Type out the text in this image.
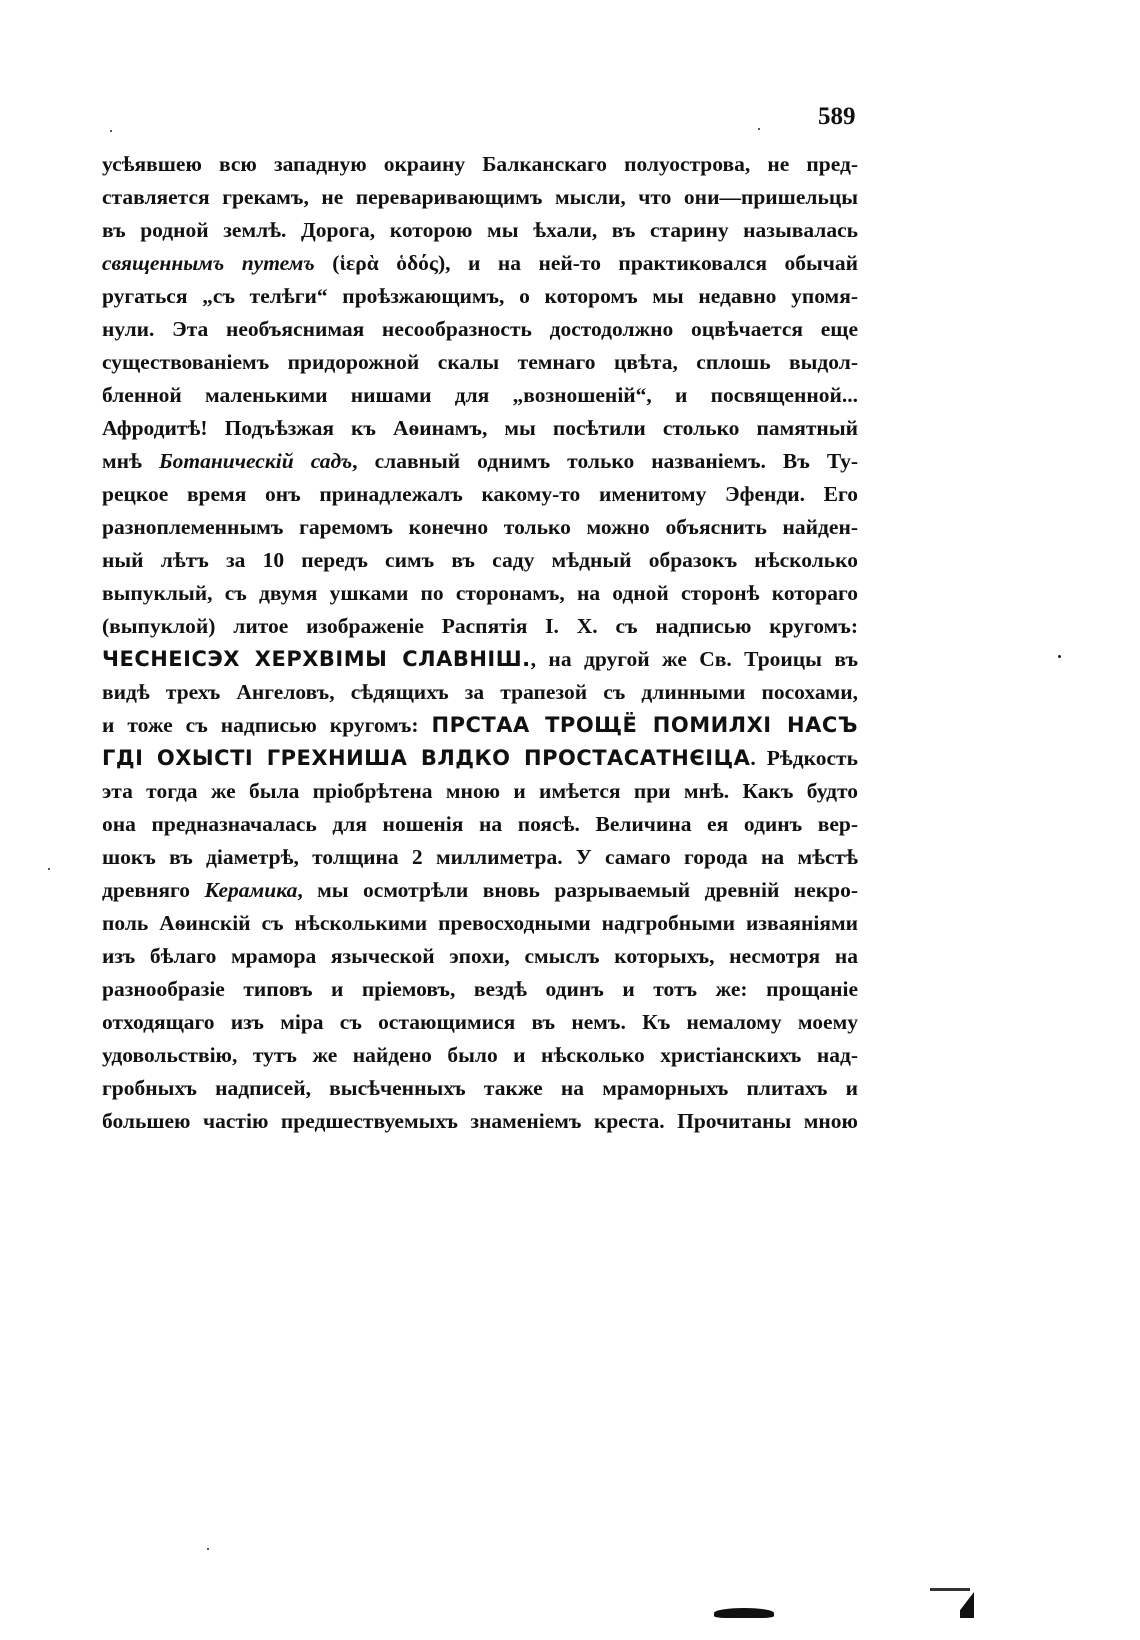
589
усѣявшею всю западную окраину Балканскаго полуострова, не пред-
ставляется грекамъ, не переваривающимъ мысли, что они—пришельцы
въ родной землѣ. Дорога, которою мы ѣхали, въ старину называлась
священнымъ путемъ (ἱερὰ ὁδός), и на ней-то практиковался обычай
ругаться „съ телѣги“ проѣзжающимъ, о которомъ мы недавно упомя-
нули. Эта необъяснимая несообразность достодолжно оцвѣчается еще
существованіемъ придорожной скалы темнаго цвѣта, сплошь выдол-
бленной маленькими нишами для „возношеній“, и посвященной...
Афродитѣ! Подъѣзжая къ Аѳинамъ, мы посѣтили столько памятный
мнѣ Ботаническій садъ, славный однимъ только названіемъ. Въ Ту-
рецкое время онъ принадлежалъ какому-то именитому Эфенди. Его
разноплеменнымъ гаремомъ конечно только можно объяснить найден-
ный лѣтъ за 10 передъ симъ въ саду мѣдный образокъ нѣсколько
выпуклый, съ двумя ушками по сторонамъ, на одной сторонѣ котораго
(выпуклой) литое изображеніе Распятія І. Х. съ надписью кругомъ:
ЧЕСНЕІСЭХ ХЕРХВІМЫ СЛАВНІШ., на другой же Св. Троицы въ
видѣ трехъ Ангеловъ, сѣдящихъ за трапезой съ длинными посохами,
и тоже съ надписью кругомъ: ПРСТАА ТРОЩЁ ПОМИЛХІ НАСЪ
ГДІ ОХЫСТІ ГРЕХНИША ВЛДКО ПРОСТАСАТНЄІЦА. Рѣдкость
эта тогда же была пріобрѣтена мною и имѣется при мнѣ. Какъ будто
она предназначалась для ношенія на поясѣ. Величина ея одинъ вер-
шокъ въ діаметрѣ, толщина 2 миллиметра. У самаго города на мѣстѣ
древняго Керамика, мы осмотрѣли вновь разрываемый древній некро-
поль Аѳинскій съ нѣсколькими превосходными надгробными изваяніями
изъ бѣлаго мрамора языческой эпохи, смыслъ которыхъ, несмотря на
разнообразіе типовъ и пріемовъ, вездѣ одинъ и тотъ же: прощаніе
отходящаго изъ міра съ остающимися въ немъ. Къ немалому моему
удовольствію, тутъ же найдено было и нѣсколько христіанскихъ над-
гробныхъ надписей, высѣченныхъ также на мраморныхъ плитахъ и
большею частію предшествуемыхъ знаменіемъ креста. Прочитаны мною
